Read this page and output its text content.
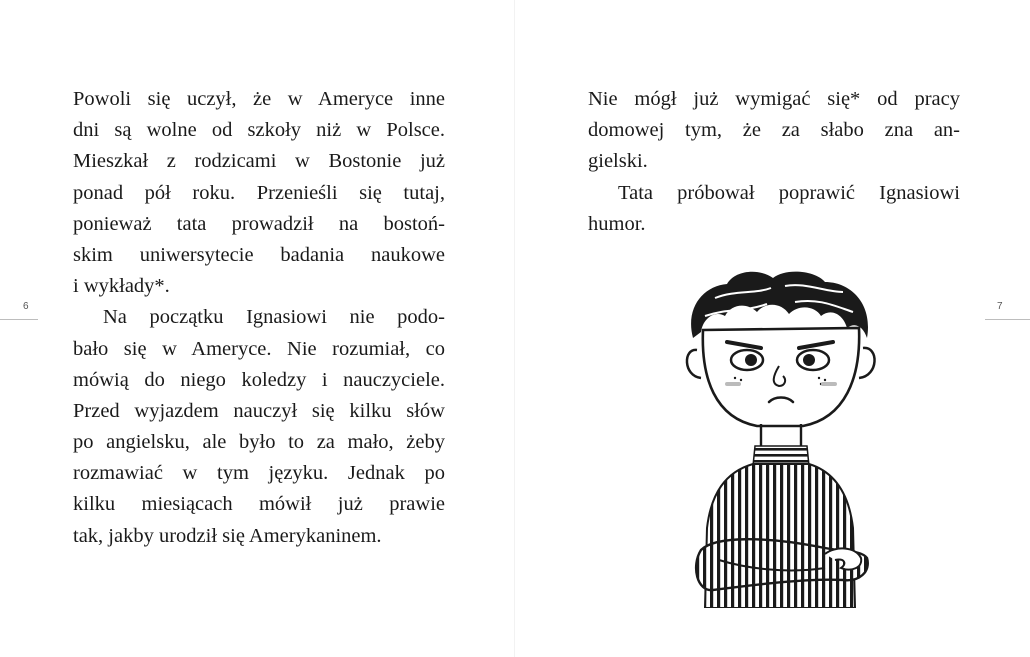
6
Powoli się uczył, że w Ameryce inne
dni są wolne od szkoły niż w Polsce.
Mieszkał z rodzicami w Bostonie już
ponad pół roku. Przenieśli się tutaj,
ponieważ tata prowadził na bostoń-
skim uniwersytecie badania naukowe
i wykłady*.
Na początku Ignasiowi nie podo-
bało się w Ameryce. Nie rozumiał, co
mówią do niego koledzy i nauczyciele.
Przed wyjazdem nauczył się kilku słów
po angielsku, ale było to za mało, żeby
rozmawiać w tym języku. Jednak po
kilku miesiącach mówił już prawie
tak, jakby urodził się Amerykaninem.
Nie mógł już wymigać się* od pracy
domowej tym, że za słabo zna an-
gielski.
Tata próbował poprawić Ignasiowi
humor.
7
